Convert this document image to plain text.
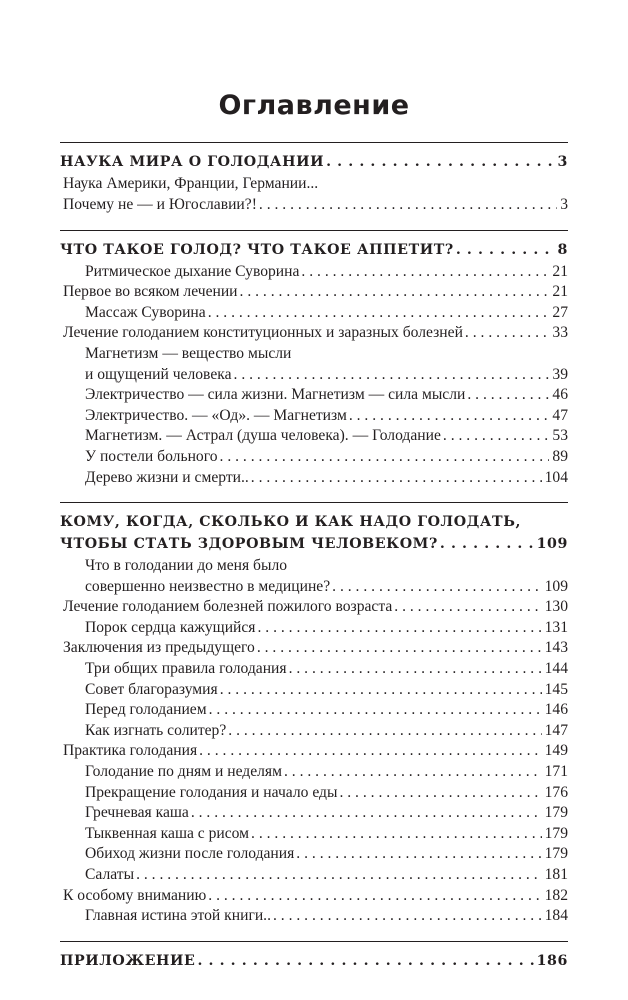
Оглавление
НАУКА МИРА О ГОЛОДАНИИ . . .	3
Наука Америки, Франции, Германии...
Почему не — и Югославии?! . . .	3
ЧТО ТАКОЕ ГОЛОД? ЧТО ТАКОЕ АППЕТИТ? . . .	8
Ритмическое дыхание Суворина . . .	21
Первое во всяком лечении . . .	21
Массаж Суворина . . .	27
Лечение голоданием конституционных и заразных болезней . . .	33
Магнетизм — вещество мысли
и ощущений человека . . .	39
Электричество — сила жизни. Магнетизм — сила мысли . . .	46
Электричество. — «Од». — Магнетизм . . .	47
Магнетизм. — Астрал (душа человека). — Голодание . . .	53
У постели больного . . .	89
Дерево жизни и смерти.. . . .	104
КОМУ, КОГДА, СКОЛЬКО И КАК НАДО ГОЛОДАТЬ,
ЧТОБЫ СТАТЬ ЗДОРОВЫМ ЧЕЛОВЕКОМ? . . .	109
Что в голодании до меня было
совершенно неизвестно в медицине? . . .	109
Лечение голоданием болезней пожилого возраста . . .	130
Порок сердца кажущийся . . .	131
Заключения из предыдущего . . .	143
Три общих правила голодания . . .	144
Совет благоразумия . . .	145
Перед голоданием . . .	146
Как изгнать солитер? . . .	147
Практика голодания . . .	149
Голодание по дням и неделям . . .	171
Прекращение голодания и начало еды . . .	176
Гречневая каша . . .	179
Тыквенная каша с рисом . . .	179
Обиход жизни после голодания . . .	179
Салаты . . .	181
К особому вниманию . . .	182
Главная истина этой книги.. . . .	184
ПРИЛОЖЕНИЕ . . .	186
